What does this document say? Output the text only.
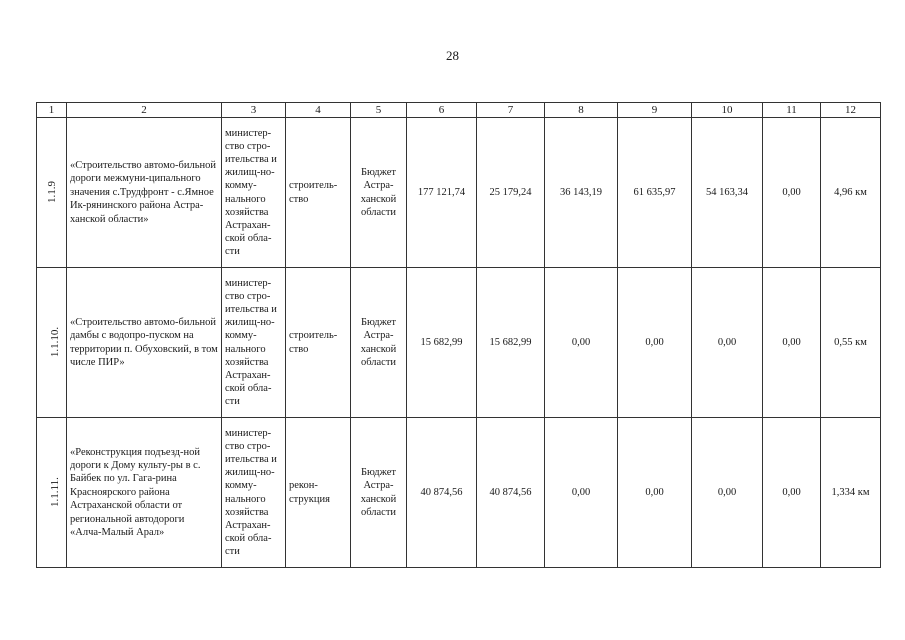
28
1	2	3	4	5	6	7	8	9	10	11	12
1.1.9	«Строительство автомо-бильной дороги межмуни-ципального значения с.Трудфронт - с.Ямное Ик-рянинского района Астра-ханской области»	министер-ство стро-ительства и жилищ-но-комму-нального хозяйства Астрахан-ской обла-сти	строитель-ство	Бюджет Астра-ханской области	177 121,74	25 179,24	36 143,19	61 635,97	54 163,34	0,00	4,96 км
1.1.10.	«Строительство автомо-бильной дамбы с водопро-пуском на территории п. Обуховский, в том числе ПИР»	министер-ство стро-ительства и жилищ-но-комму-нального хозяйства Астрахан-ской обла-сти	строитель-ство	Бюджет Астра-ханской области	15 682,99	15 682,99	0,00	0,00	0,00	0,00	0,55 км
1.1.11.	«Реконструкция подъезд-ной дороги к Дому культу-ры в с. Байбек по ул. Гага-рина Красноярского района Астраханской области от региональной автодороги «Алча-Малый Арал»	министер-ство стро-ительства и жилищ-но-комму-нального хозяйства Астрахан-ской обла-сти	рекон-струкция	Бюджет Астра-ханской области	40 874,56	40 874,56	0,00	0,00	0,00	0,00	1,334 км
